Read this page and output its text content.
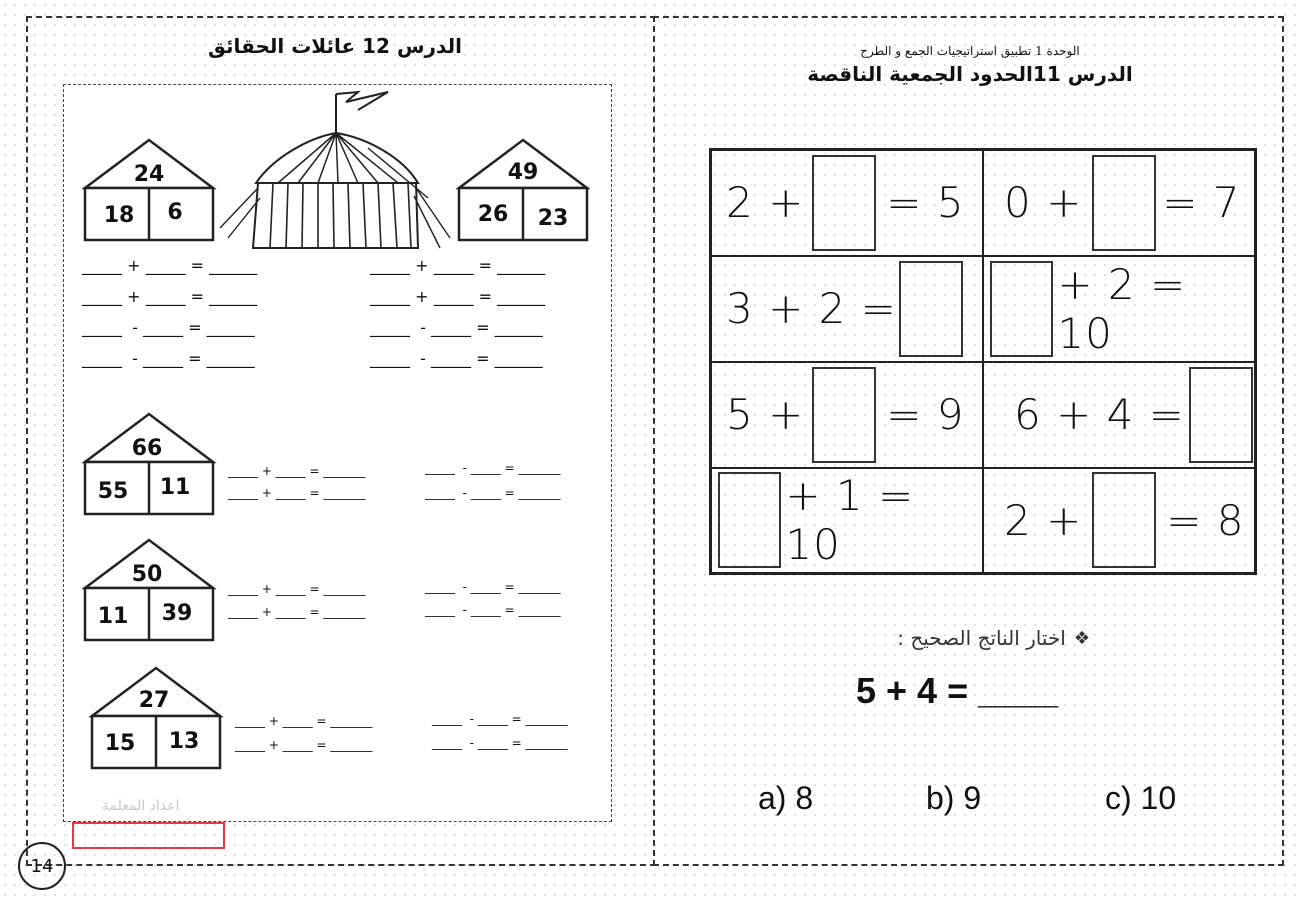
الدرس 12 عائلات الحقائق
24
18	6
49
26	23
66
55	11
50
11	39
27
15	13
_____ + _____ = ______
_____ + _____ = ______
_____  - _____ = ______
_____  - _____ = ______
_____ + _____ = ______
_____ + _____ = ______
_____  - _____ = ______
_____  - _____ = ______
_____ + _____ = _______
_____ + _____ = _______
_____  - _____ = _______
_____  - _____ = _______
_____ + _____ = _______
_____ + _____ = _______
_____  - _____ = _______
_____  - _____ = _______
_____ + _____ = _______
_____ + _____ = _______
_____  - _____ = _______
_____  - _____ = _______
اعداد المعلمة
14
الوحدة 1 تطبيق استراتيجيات الجمع و الطرح
الدرس 11الحدود الجمعية الناقصة
2 + = 5	0 + = 7

3 + 2 =	+ 2 = 10

5 + = 9	6 + 4 =

+ 1 = 10	2 + = 8
❖
اختار الناتج الصحيح :
5 + 4 = ____
a) 8	b) 9	c) 10
